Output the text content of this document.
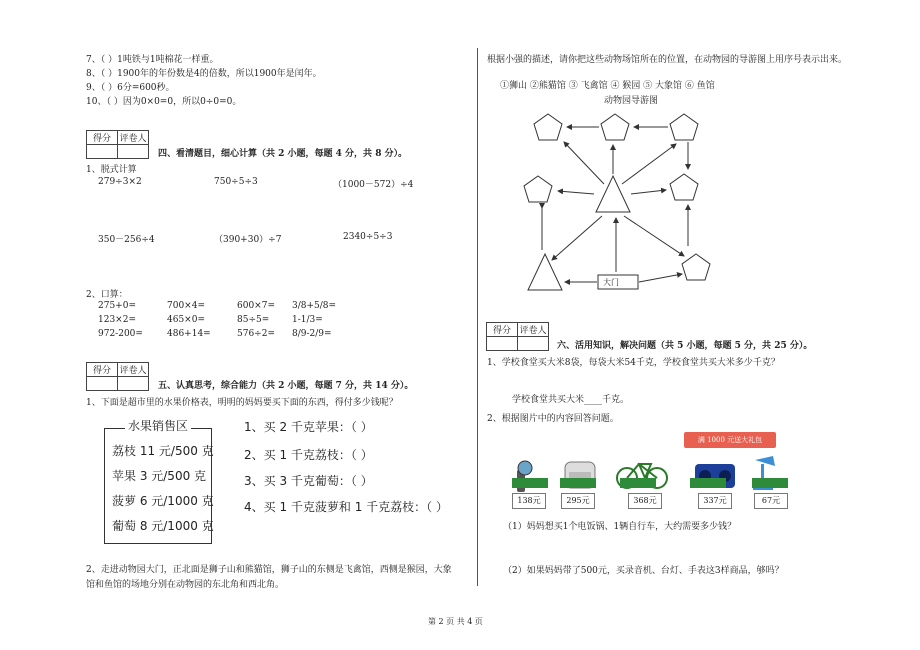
7、（ ）1吨铁与1吨棉花一样重。
8、（ ）1900年的年份数是4的倍数，所以1900年是闰年。
9、（ ）6分=600秒。
10、（ ）因为0×0=0，所以0÷0=0。
得分	评卷人

四、看清题目，细心计算（共 2 小题，每题 4 分，共 8 分）。
1、脱式计算
279÷3×2	750÷5÷3	（1000－572）÷4
350－256÷4	（390+30）÷7	2340÷5÷3
2、口算：
275+0=	700×4=	600×7= 3/8+5/8=
123×2=	465×0=	85÷5=	1-1/3=
972-200=	486+14=	576÷2= 8/9-2/9=
得分	评卷人

五、认真思考，综合能力（共 2 小题，每题 7 分，共 14 分）。
1、下面是超市里的水果价格表，明明的妈妈要买下面的东西，得付多少钱呢？
水果销售区
荔枝 11 元/500 克
苹果 3 元/500 克
菠萝 6 元/1000 克
葡萄 8 元/1000 克
1、买 2 千克苹果：（ ）
2、买 1 千克荔枝：（ ）
3、买 3 千克葡萄：（ ）
4、买 1 千克菠萝和 1 千克荔枝：（ ）
2、走进动物园大门，正北面是狮子山和熊猫馆，狮子山的东侧是飞禽馆，西侧是猴园，大象
馆和鱼馆的场地分别在动物园的东北角和西北角。
根据小强的描述，请你把这些动物场馆所在的位置，在动物园的导游图上用序号表示出来。
①狮山 ②熊猫馆 ③ 飞禽馆 ④ 猴园 ⑤ 大象馆 ⑥ 鱼馆
动物园导游图
大门
得分	评卷人

六、活用知识，解决问题（共 5 小题，每题 5 分，共 25 分）。
1、学校食堂买大米8袋，每袋大米54千克，学校食堂共买大米多少千克？
学校食堂共买大米____千克。
2、根据图片中的内容回答问题。
满 1000 元送大礼包
138元	295元	368元	337元	67元
（1）妈妈想买1个电饭锅、1辆自行车，大约需要多少钱？
（2）如果妈妈带了500元，买录音机、台灯、手表这3样商品，够吗？
第 2 页 共 4 页
